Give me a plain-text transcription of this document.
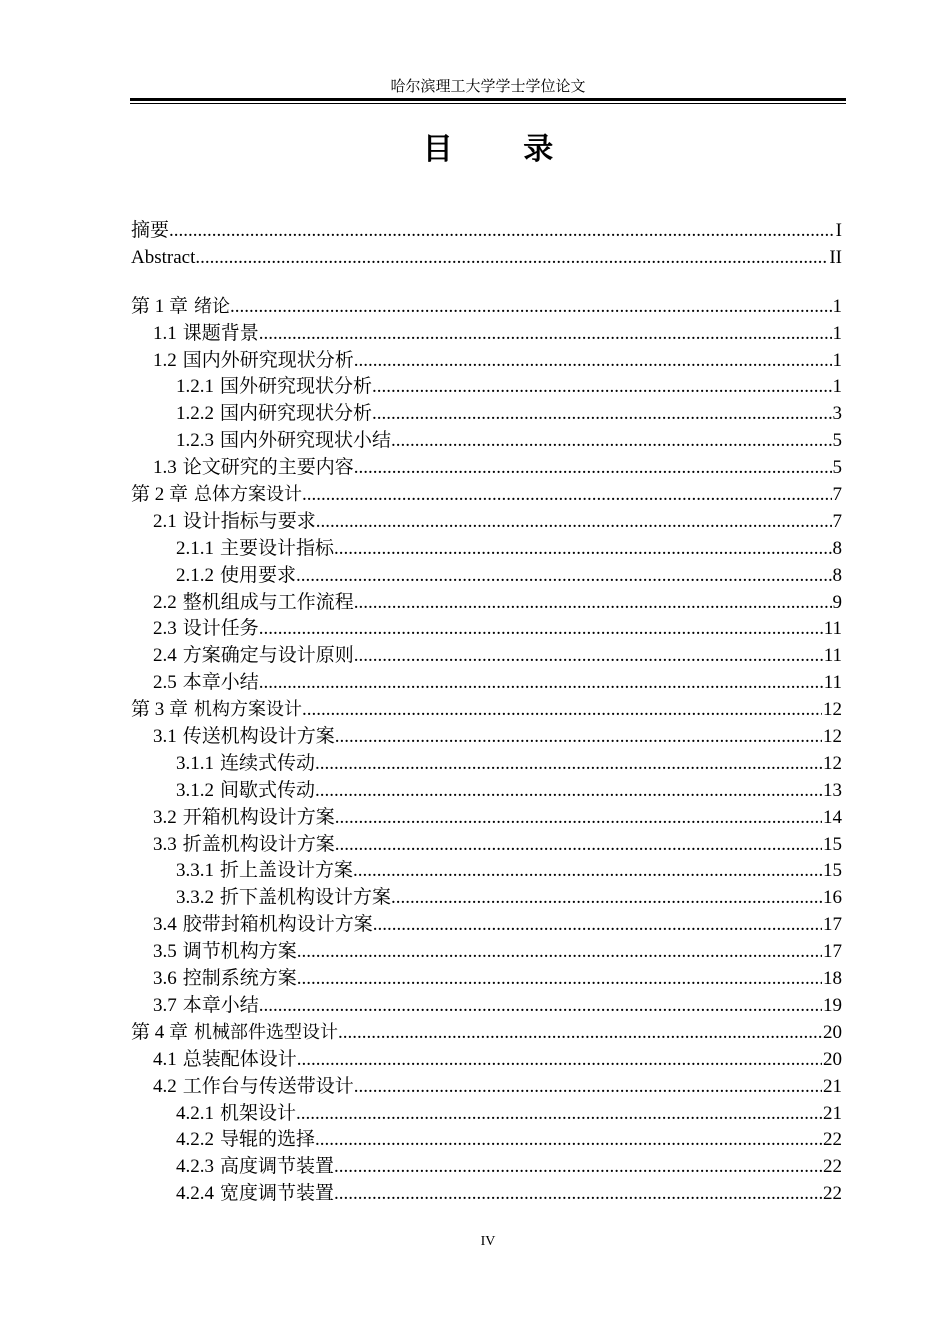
哈尔滨理工大学学士学位论文
目 录
摘要 .....	I
Abstract .....	II
第 1 章 绪论 .....	1
1.1 课题背景 .....	1
1.2 国内外研究现状分析 .....	1
1.2.1 国外研究现状分析 .....	1
1.2.2 国内研究现状分析 .....	3
1.2.3 国内外研究现状小结 .....	5
1.3 论文研究的主要内容 .....	5
第 2 章 总体方案设计 .....	7
2.1 设计指标与要求 .....	7
2.1.1 主要设计指标 .....	8
2.1.2 使用要求 .....	8
2.2 整机组成与工作流程 .....	9
2.3 设计任务 .....	11
2.4 方案确定与设计原则 .....	11
2.5 本章小结 .....	11
第 3 章 机构方案设计 .....	12
3.1 传送机构设计方案 .....	12
3.1.1 连续式传动 .....	12
3.1.2 间歇式传动 .....	13
3.2 开箱机构设计方案 .....	14
3.3 折盖机构设计方案 .....	15
3.3.1 折上盖设计方案 .....	15
3.3.2 折下盖机构设计方案 .....	16
3.4 胶带封箱机构设计方案 .....	17
3.5 调节机构方案 .....	17
3.6 控制系统方案 .....	18
3.7 本章小结 .....	19
第 4 章 机械部件选型设计 .....	20
4.1 总装配体设计 .....	20
4.2 工作台与传送带设计 .....	21
4.2.1 机架设计 .....	21
4.2.2 导辊的选择 .....	22
4.2.3 高度调节装置 .....	22
4.2.4 宽度调节装置 .....	22
IV
